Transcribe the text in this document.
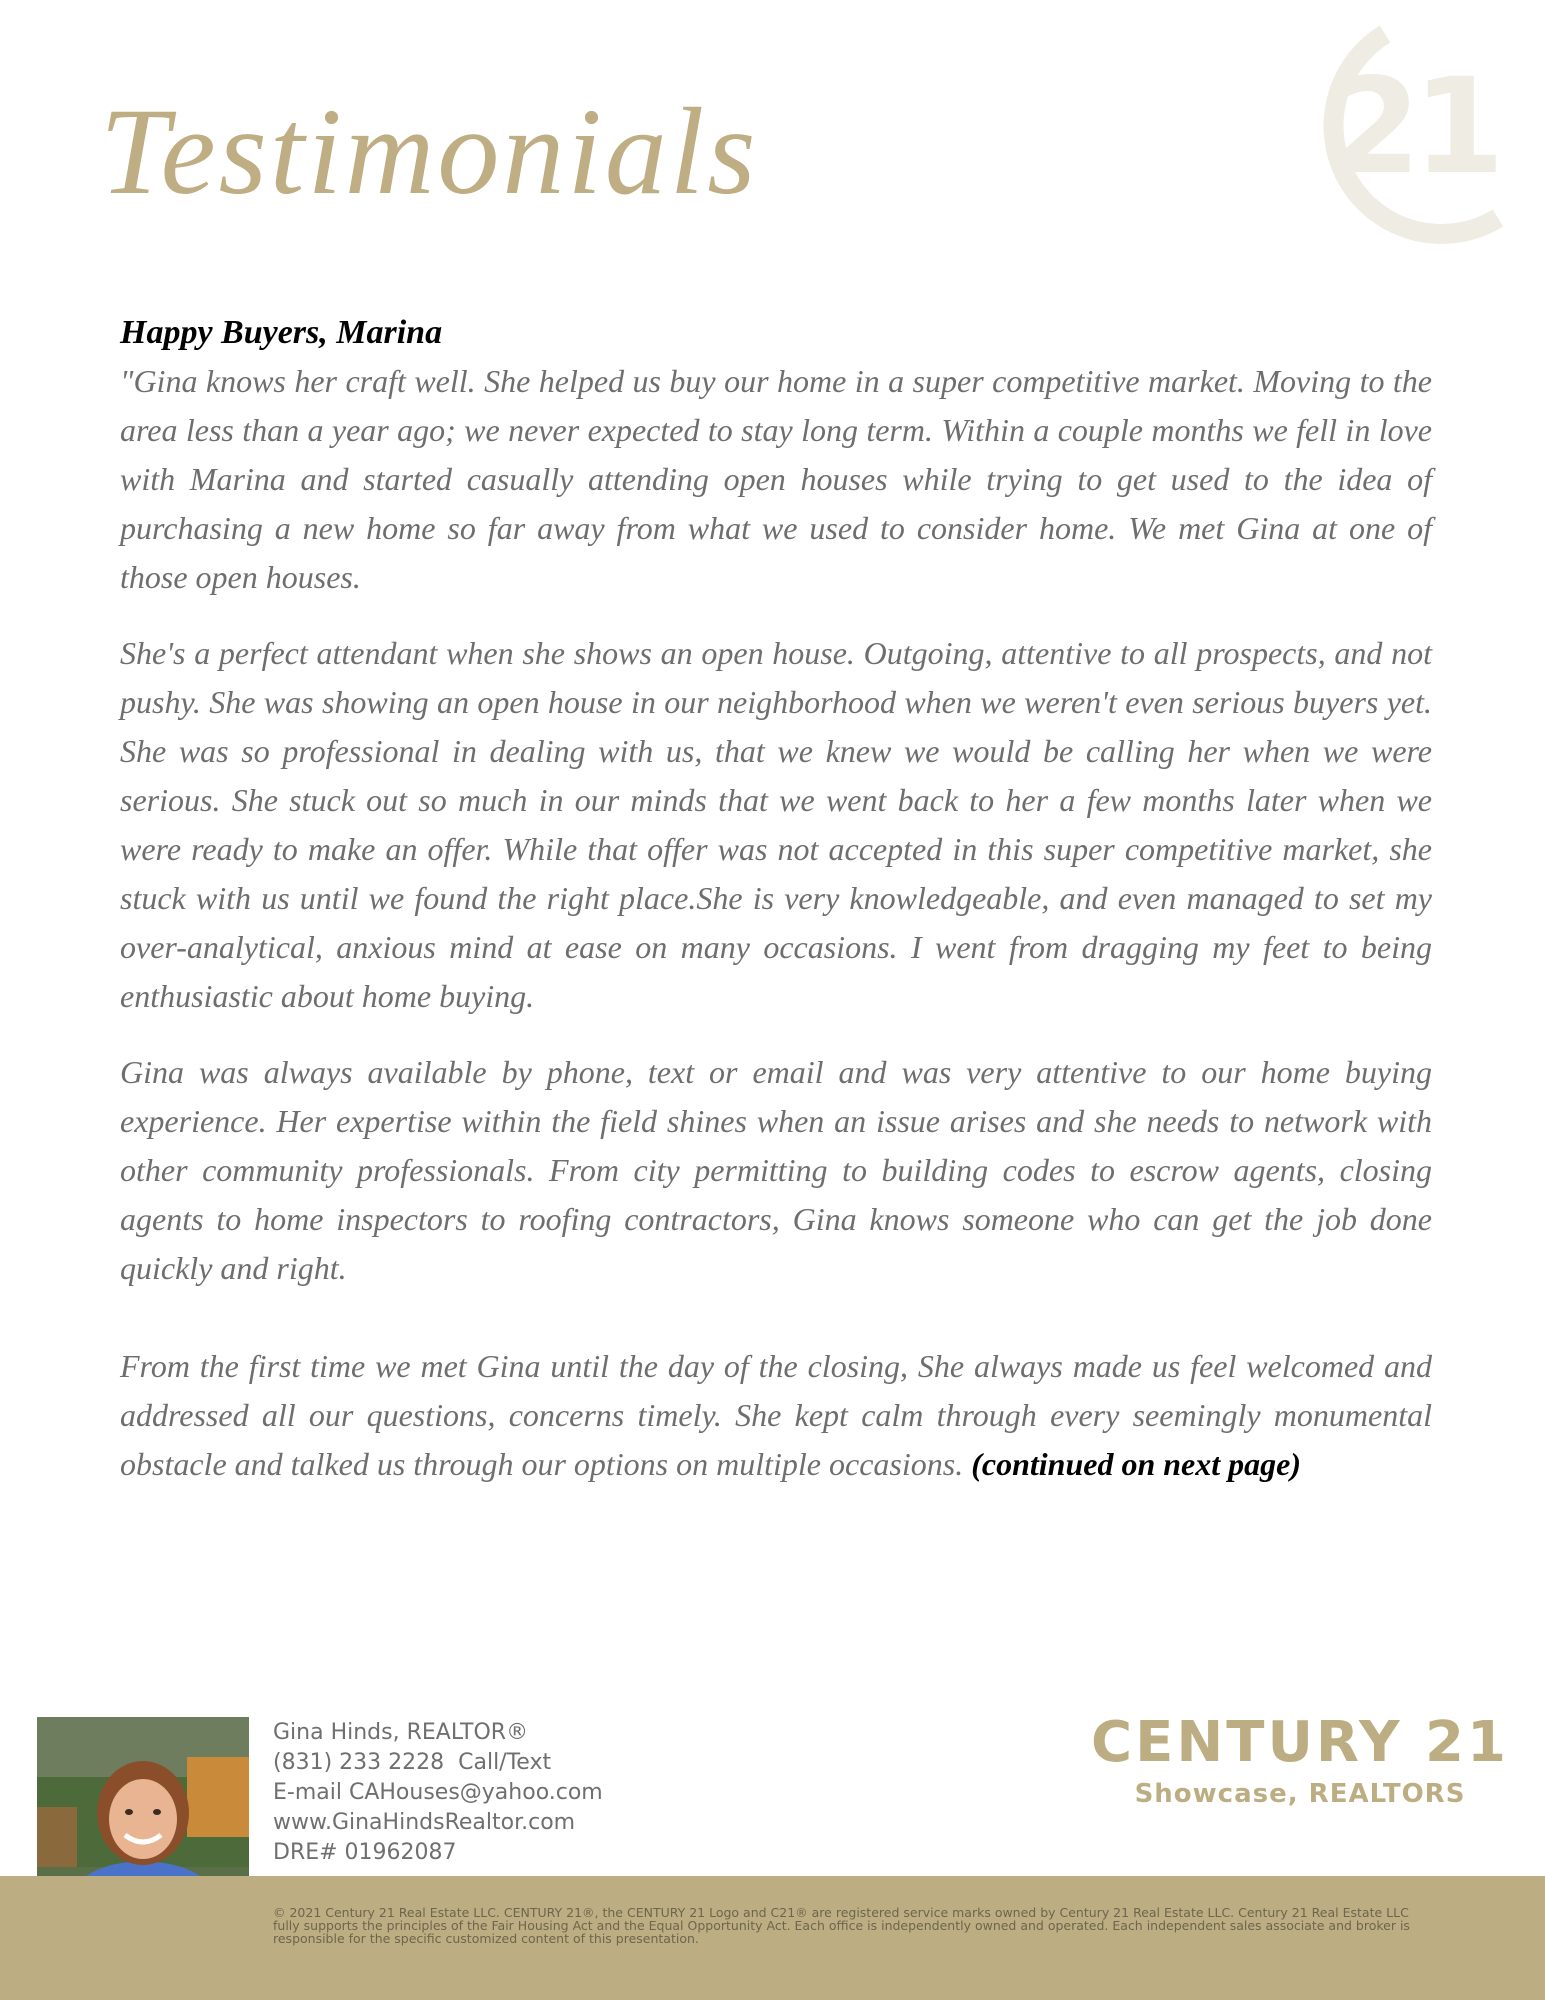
Testimonials	21
Happy Buyers, Marina

"Gina knows her craft well. She helped us buy our home in a super competitive market. Moving to the area less than a year ago; we never expected to stay long term. Within a couple months we fell in love with Marina and started casually attending open houses while trying to get used to the idea of purchasing a new home so far away from what we used to consider home. We met Gina at one of those open houses.

She's a perfect attendant when she shows an open house. Outgoing, attentive to all prospects, and not pushy. She was showing an open house in our neighborhood when we weren't even serious buyers yet. She was so professional in dealing with us, that we knew we would be calling her when we were serious. She stuck out so much in our minds that we went back to her a few months later when we were ready to make an offer. While that offer was not accepted in this super competitive market, she stuck with us until we found the right place.She is very knowledgeable, and even managed to set my over-analytical, anxious mind at ease on many occasions. I went from dragging my feet to being enthusiastic about home buying.

Gina was always available by phone, text or email and was very attentive to our home buying experience. Her expertise within the field shines when an issue arises and she needs to network with other community professionals. From city permitting to building codes to escrow agents, closing agents to home inspectors to roofing contractors, Gina knows someone who can get the job done quickly and right.

From the first time we met Gina until the day of the closing, She always made us feel welcomed and addressed all our questions, concerns timely. She kept calm through every seemingly monumental obstacle and talked us through our options on multiple occasions. (continued on next page)

Gina Hinds, REALTOR®
(831) 233 2228  Call/Text
E-mail CAHouses@yahoo.com
www.GinaHindsRealtor.com
DRE# 01962087
CENTURY 21
Showcase, REALTORS

© 2021 Century 21 Real Estate LLC. CENTURY 21®, the CENTURY 21 Logo and C21® are registered service marks owned by Century 21 Real Estate LLC. Century 21 Real Estate LLC fully supports the principles of the Fair Housing Act and the Equal Opportunity Act. Each office is independently owned and operated. Each independent sales associate and broker is responsible for the specific customized content of this presentation.
